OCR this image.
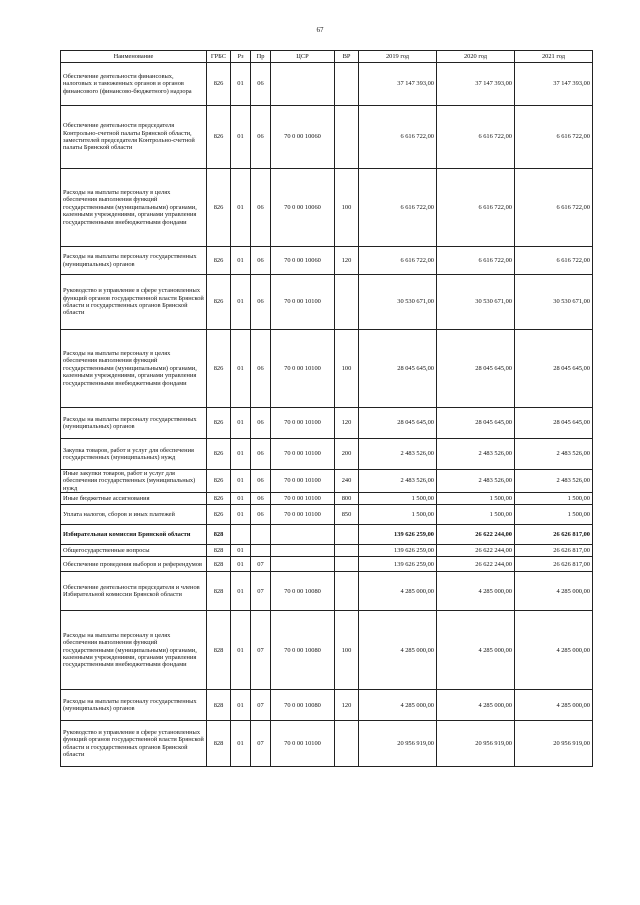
67
Наименование	ГРБС	Рз	Пр	ЦСР	ВР	2019 год	2020 год	2021 год
Обеспечение деятельности финансовых, налоговых и таможенных органов и органов финансового (финансово-бюджетного) надзора	826	01	06			37 147 393,00	37 147 393,00	37 147 393,00
Обеспечение деятельности председателя Контрольно-счетной палаты Брянской области, заместителей председателя Контрольно-счетной палаты Брянской области	826	01	06	70 0 00 10060		6 616 722,00	6 616 722,00	6 616 722,00
Расходы на выплаты персоналу в целях обеспечения выполнения функций государственными (муниципальными) органами, казенными учреждениями, органами управления государственными внебюджетными фондами	826	01	06	70 0 00 10060	100	6 616 722,00	6 616 722,00	6 616 722,00
Расходы на выплаты персоналу государственных (муниципальных) органов	826	01	06	70 0 00 10060	120	6 616 722,00	6 616 722,00	6 616 722,00
Руководство и управление в сфере установленных функций органов государственной власти Брянской области и государственных органов Брянской области	826	01	06	70 0 00 10100		30 530 671,00	30 530 671,00	30 530 671,00
Расходы на выплаты персоналу в целях обеспечения выполнения функций государственными (муниципальными) органами, казенными учреждениями, органами управления государственными внебюджетными фондами	826	01	06	70 0 00 10100	100	28 045 645,00	28 045 645,00	28 045 645,00
Расходы на выплаты персоналу государственных (муниципальных) органов	826	01	06	70 0 00 10100	120	28 045 645,00	28 045 645,00	28 045 645,00
Закупка товаров, работ и услуг для обеспечения государственных (муниципальных) нужд	826	01	06	70 0 00 10100	200	2 483 526,00	2 483 526,00	2 483 526,00
Иные закупки товаров, работ и услуг для обеспечения государственных (муниципальных) нужд	826	01	06	70 0 00 10100	240	2 483 526,00	2 483 526,00	2 483 526,00
Иные бюджетные ассигнования	826	01	06	70 0 00 10100	800	1 500,00	1 500,00	1 500,00
Уплата налогов, сборов и иных платежей	826	01	06	70 0 00 10100	850	1 500,00	1 500,00	1 500,00
Избирательная комиссия Брянской области	828					139 626 259,00	26 622 244,00	26 626 817,00
Общегосударственные вопросы	828	01				139 626 259,00	26 622 244,00	26 626 817,00
Обеспечение проведения выборов и референдумов	828	01	07			139 626 259,00	26 622 244,00	26 626 817,00
Обеспечение деятельности председателя и членов Избирательной комиссии Брянской области	828	01	07	70 0 00 10080		4 285 000,00	4 285 000,00	4 285 000,00
Расходы на выплаты персоналу в целях обеспечения выполнения функций государственными (муниципальными) органами, казенными учреждениями, органами управления государственными внебюджетными фондами	828	01	07	70 0 00 10080	100	4 285 000,00	4 285 000,00	4 285 000,00
Расходы на выплаты персоналу государственных (муниципальных) органов	828	01	07	70 0 00 10080	120	4 285 000,00	4 285 000,00	4 285 000,00
Руководство и управление в сфере установленных функций органов государственной власти Брянской области и государственных органов Брянской области	828	01	07	70 0 00 10100		20 956 919,00	20 956 919,00	20 956 919,00
